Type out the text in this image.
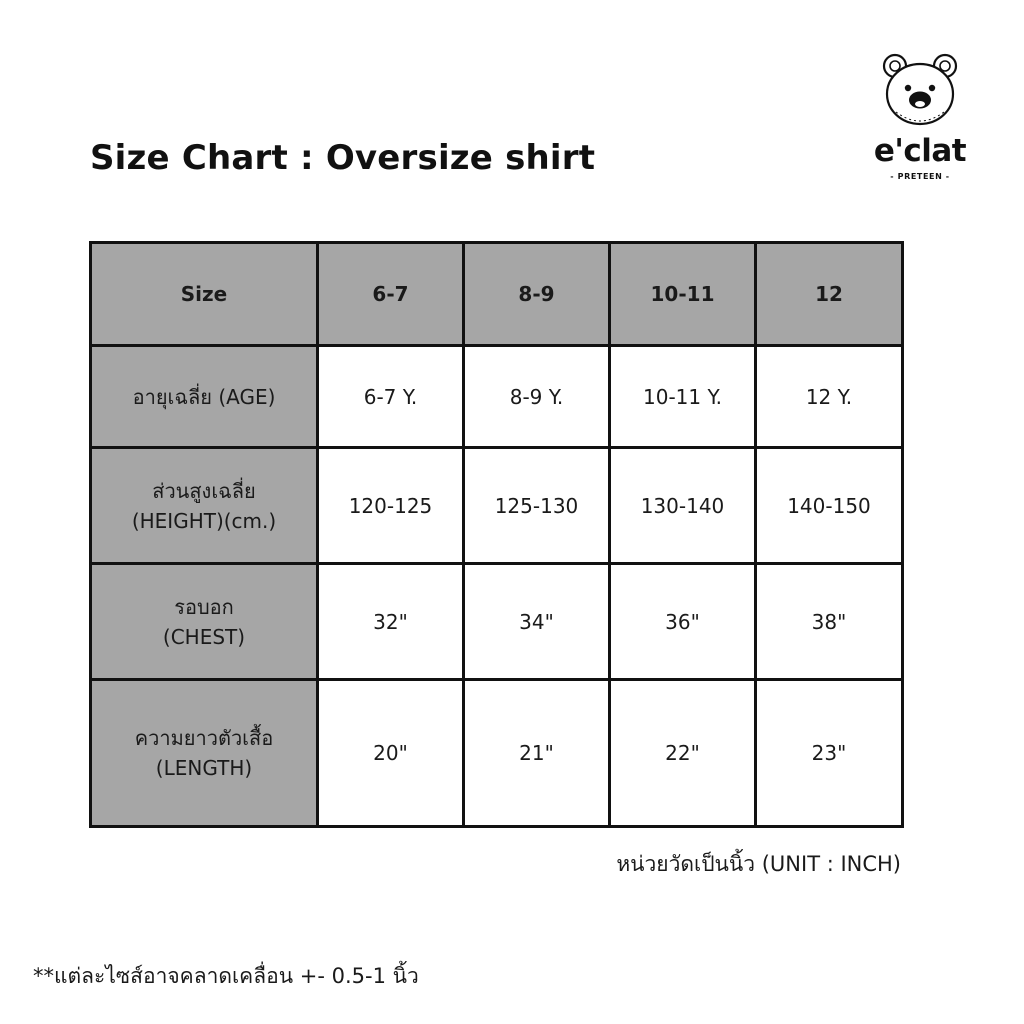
Size Chart : Oversize shirt	e'clat
- PRETEEN -
Size	6-7	8-9	10-11	12

อายุเฉลี่ย (AGE)	6-7 Y.	8-9 Y.	10-11 Y.	12 Y.

ส่วนสูงเฉลี่ย
(HEIGHT)(cm.)	120-125	125-130	130-140	140-150

รอบอก
(CHEST)	32"	34"	36"	38"

ความยาวตัวเสื้อ
(LENGTH)	20"	21"	22"	23"
หน่วยวัดเป็นนิ้ว (UNIT : INCH)
**แต่ละไซส์อาจคลาดเคลื่อน +- 0.5-1 นิ้ว
